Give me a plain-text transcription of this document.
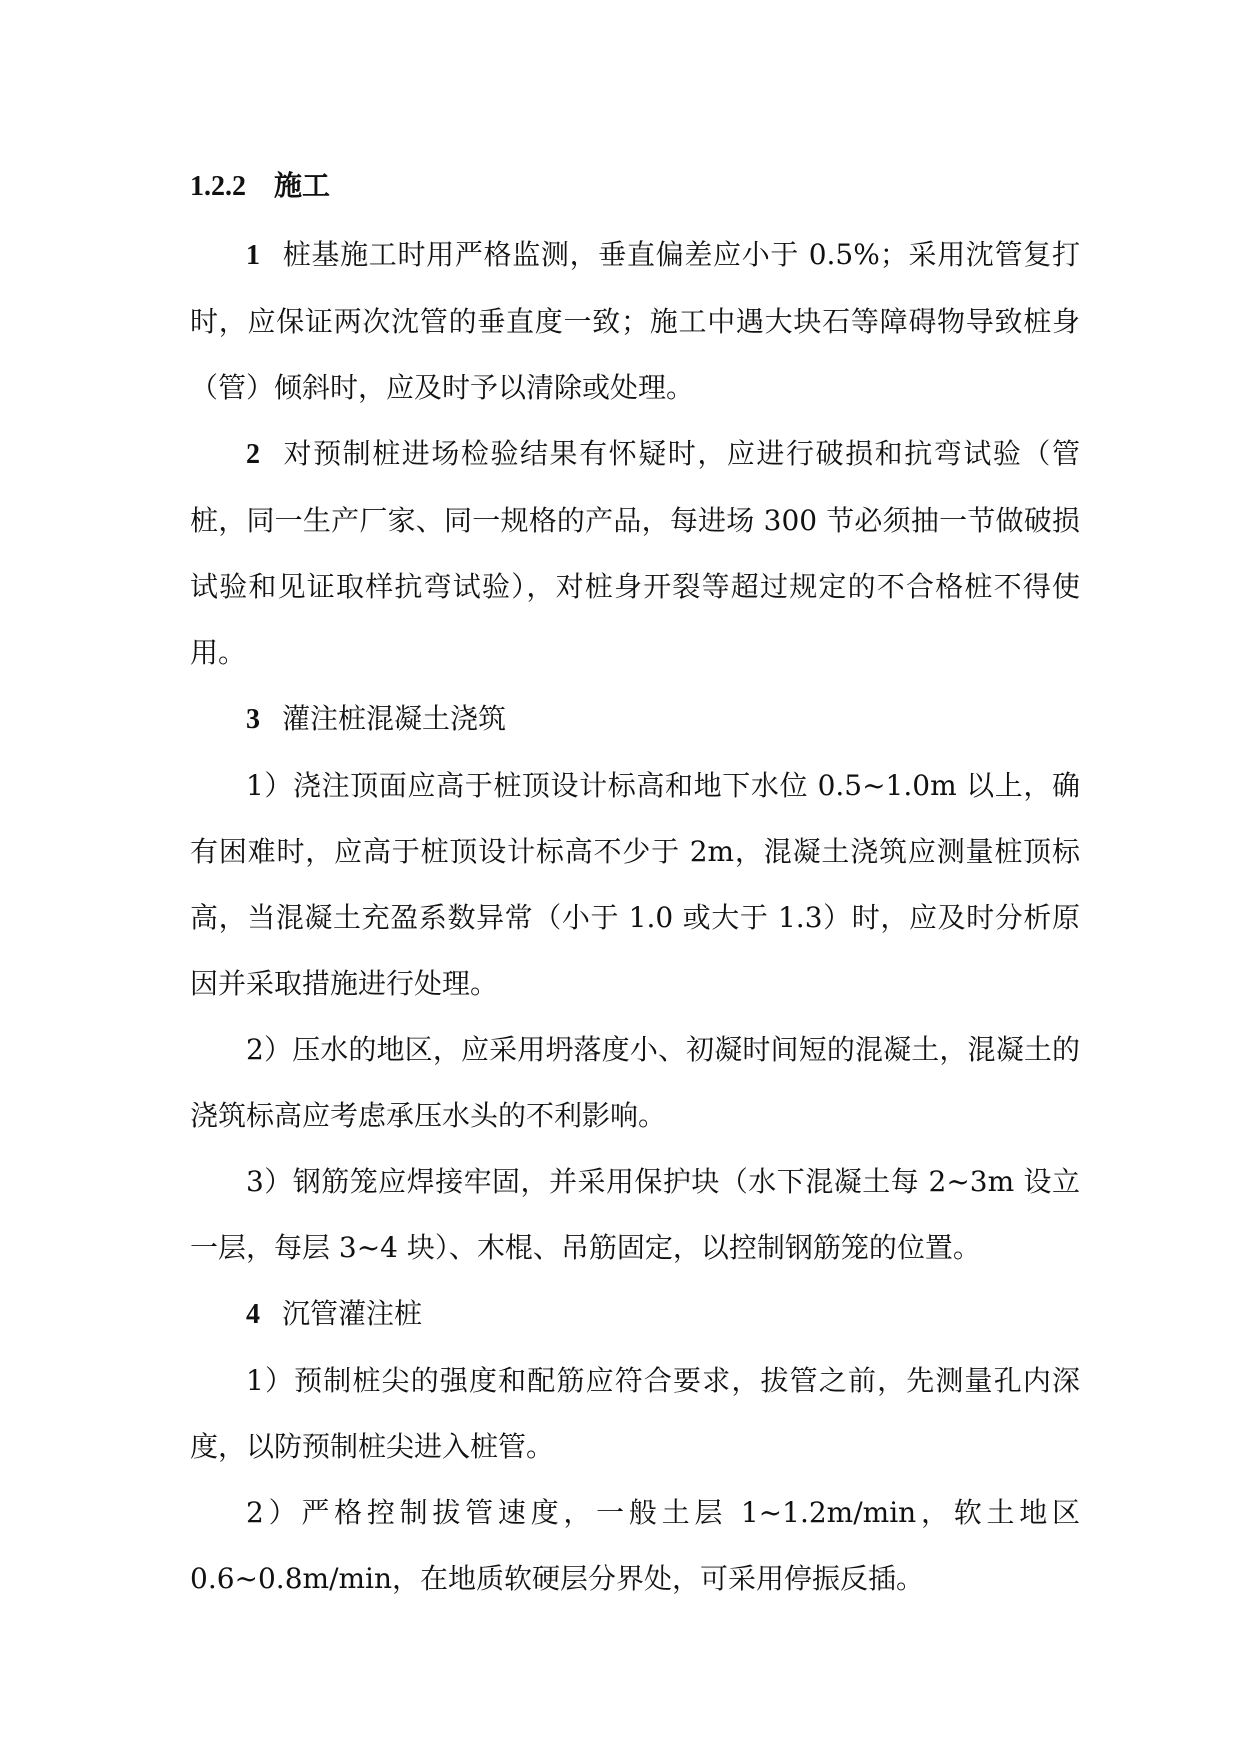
1.2.2 施工
1 桩基施工时用严格监测，垂直偏差应小于 0.5%；采用沈管复打时，应保证两次沈管的垂直度一致；施工中遇大块石等障碍物导致桩身（管）倾斜时，应及时予以清除或处理。
2 对预制桩进场检验结果有怀疑时，应进行破损和抗弯试验（管桩，同一生产厂家、同一规格的产品，每进场 300 节必须抽一节做破损试验和见证取样抗弯试验），对桩身开裂等超过规定的不合格桩不得使用。
3 灌注桩混凝土浇筑
1）浇注顶面应高于桩顶设计标高和地下水位 0.5~1.0m 以上，确有困难时，应高于桩顶设计标高不少于 2m，混凝土浇筑应测量桩顶标高，当混凝土充盈系数异常（小于 1.0 或大于 1.3）时，应及时分析原因并采取措施进行处理。
2）压水的地区，应采用坍落度小、初凝时间短的混凝土，混凝土的浇筑标高应考虑承压水头的不利影响。
3）钢筋笼应焊接牢固，并采用保护块（水下混凝土每 2~3m 设立一层，每层 3~4 块）、木棍、吊筋固定，以控制钢筋笼的位置。
4 沉管灌注桩
1）预制桩尖的强度和配筋应符合要求，拔管之前，先测量孔内深度，以防预制桩尖进入桩管。
2）严格控制拔管速度，一般土层 1~1.2m/min，软土地区 0.6~0.8m/min，在地质软硬层分界处，可采用停振反插。
